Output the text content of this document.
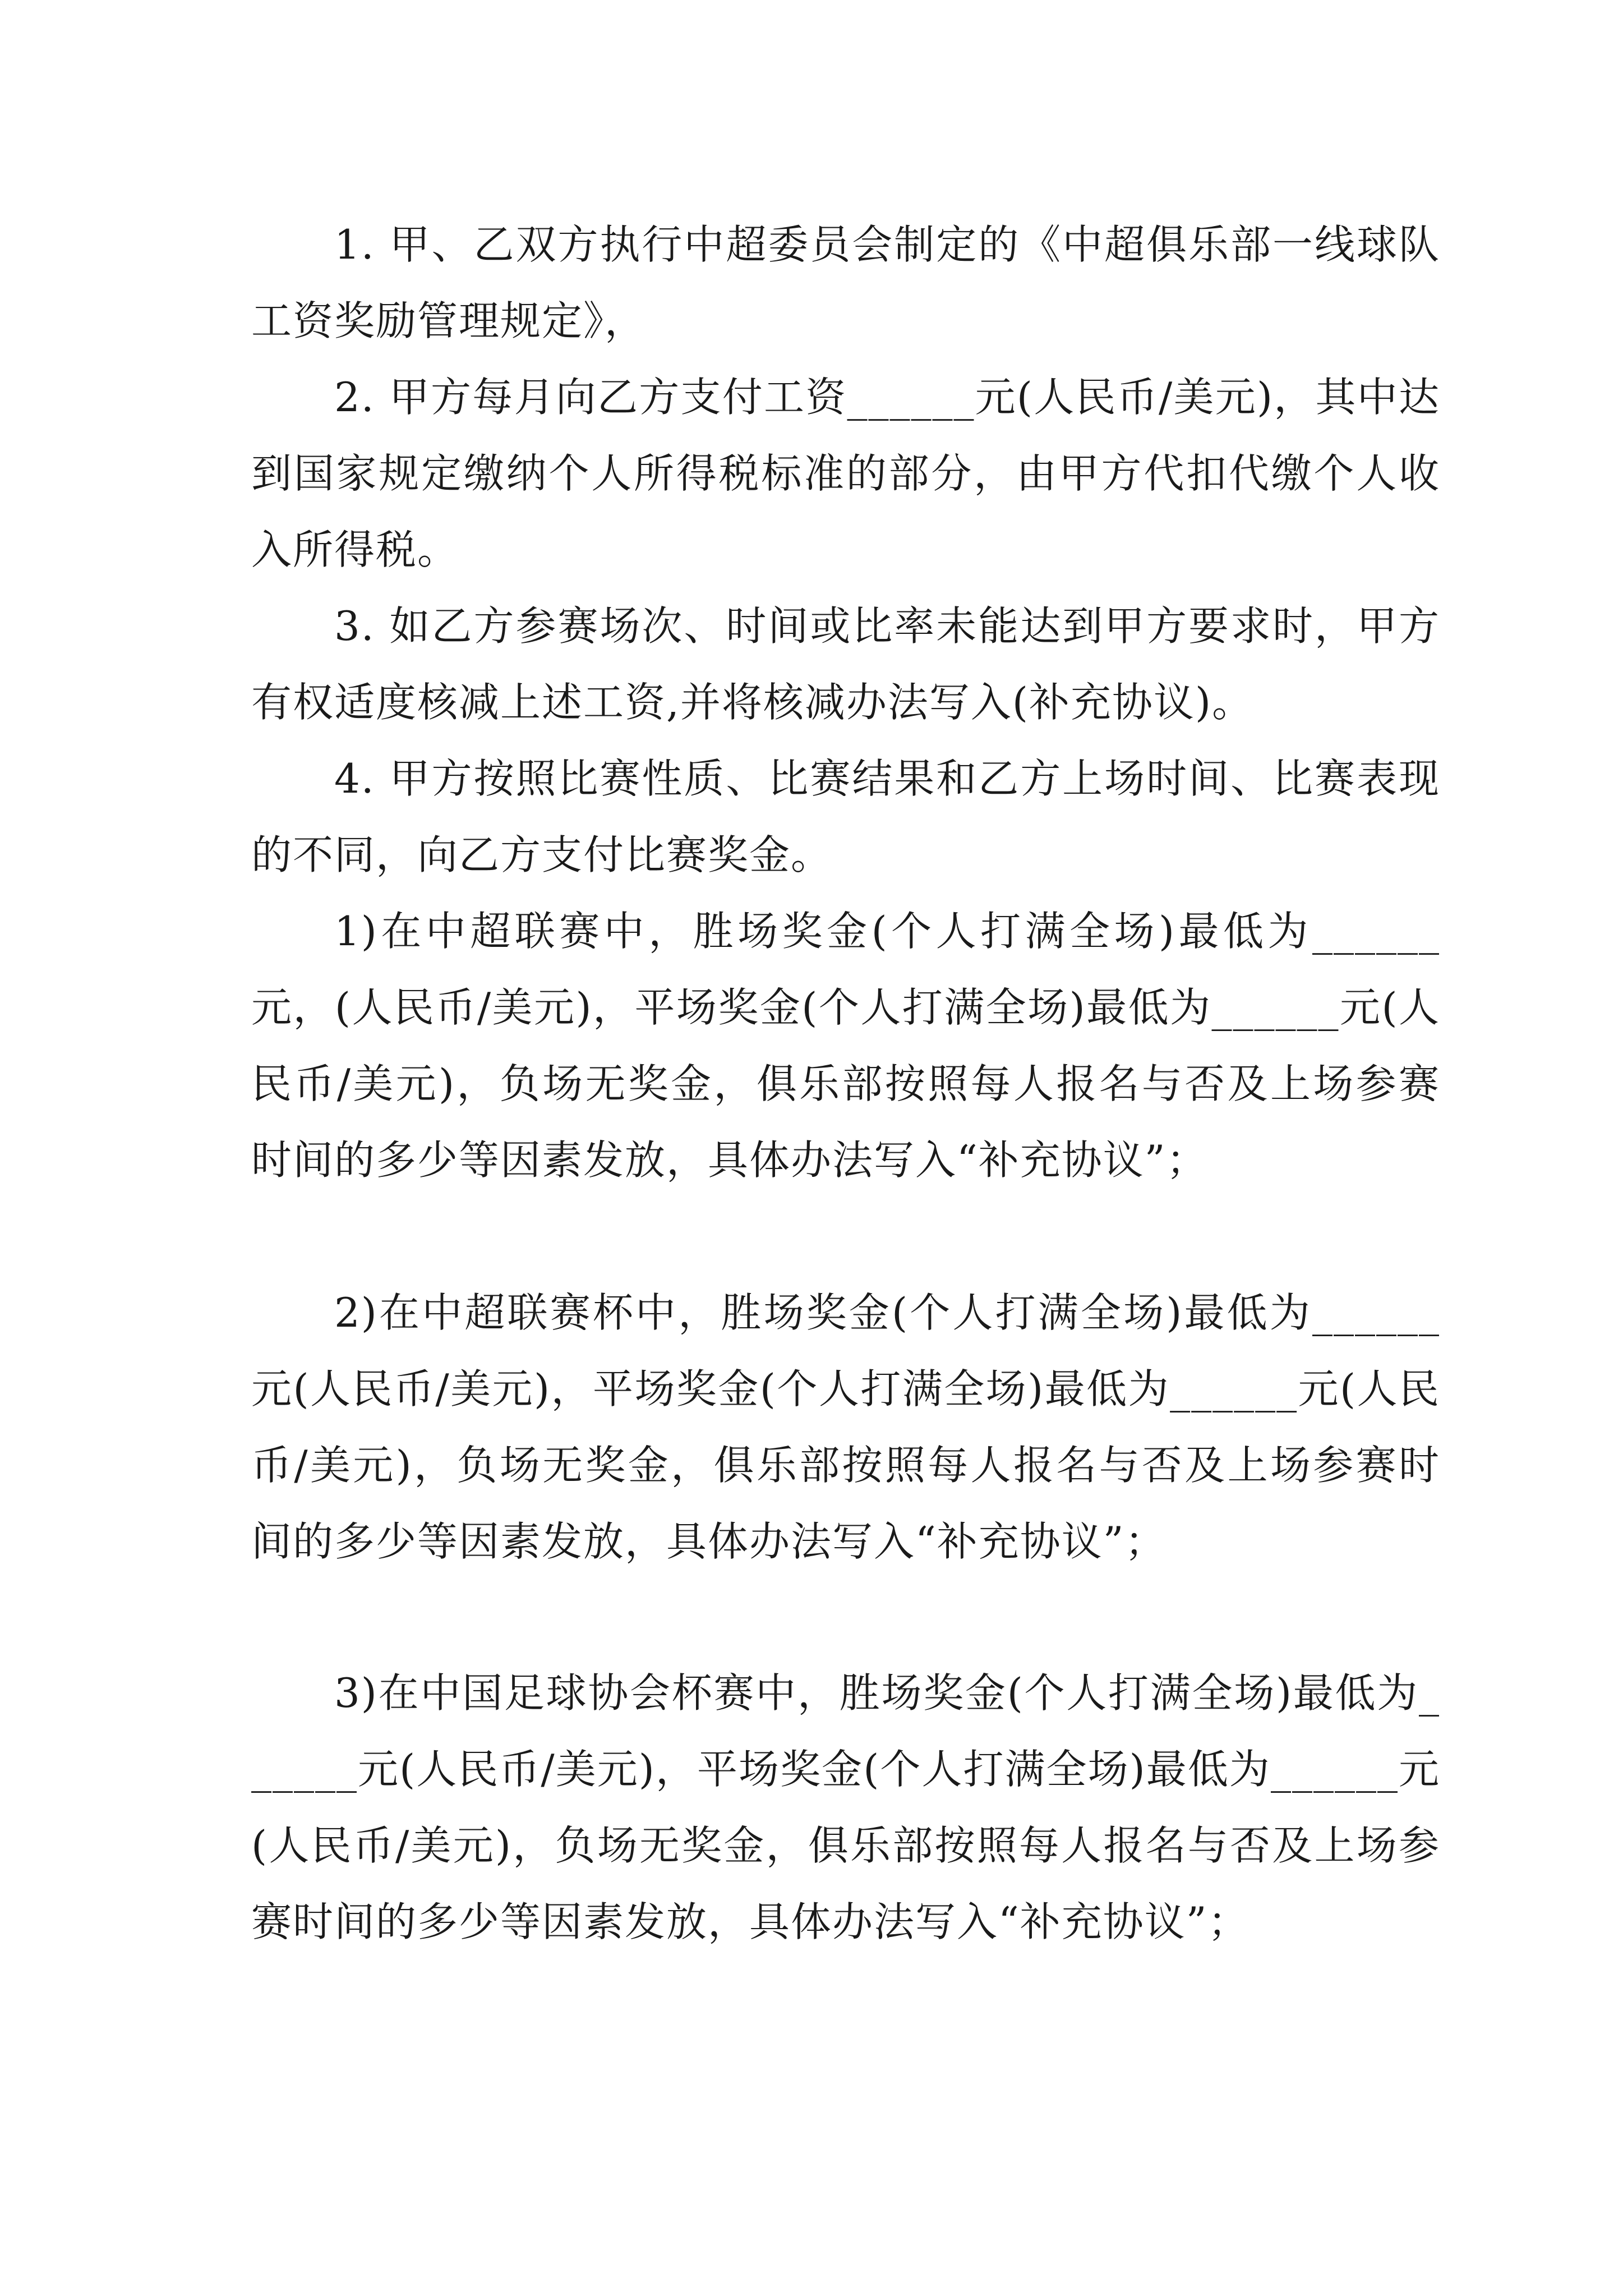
1. 甲、乙双方执行中超委员会制定的《中超俱乐部一线球队工资奖励管理规定》，

2. 甲方每月向乙方支付工资______元(人民币/美元)，其中达到国家规定缴纳个人所得税标准的部分，由甲方代扣代缴个人收入所得税。

3. 如乙方参赛场次、时间或比率未能达到甲方要求时，甲方有权适度核减上述工资,并将核减办法写入(补充协议)。

4. 甲方按照比赛性质、比赛结果和乙方上场时间、比赛表现的不同，向乙方支付比赛奖金。

1)在中超联赛中，胜场奖金(个人打满全场)最低为______元，(人民币/美元)，平场奖金(个人打满全场)最低为______元(人民币/美元)，负场无奖金，俱乐部按照每人报名与否及上场参赛时间的多少等因素发放，具体办法写入“补充协议”；

2)在中超联赛杯中，胜场奖金(个人打满全场)最低为______元(人民币/美元)，平场奖金(个人打满全场)最低为______元(人民币/美元)，负场无奖金，俱乐部按照每人报名与否及上场参赛时间的多少等因素发放，具体办法写入“补充协议”；

3)在中国足球协会杯赛中，胜场奖金(个人打满全场)最低为______元(人民币/美元)，平场奖金(个人打满全场)最低为______元(人民币/美元)，负场无奖金，俱乐部按照每人报名与否及上场参赛时间的多少等因素发放，具体办法写入“补充协议”；
